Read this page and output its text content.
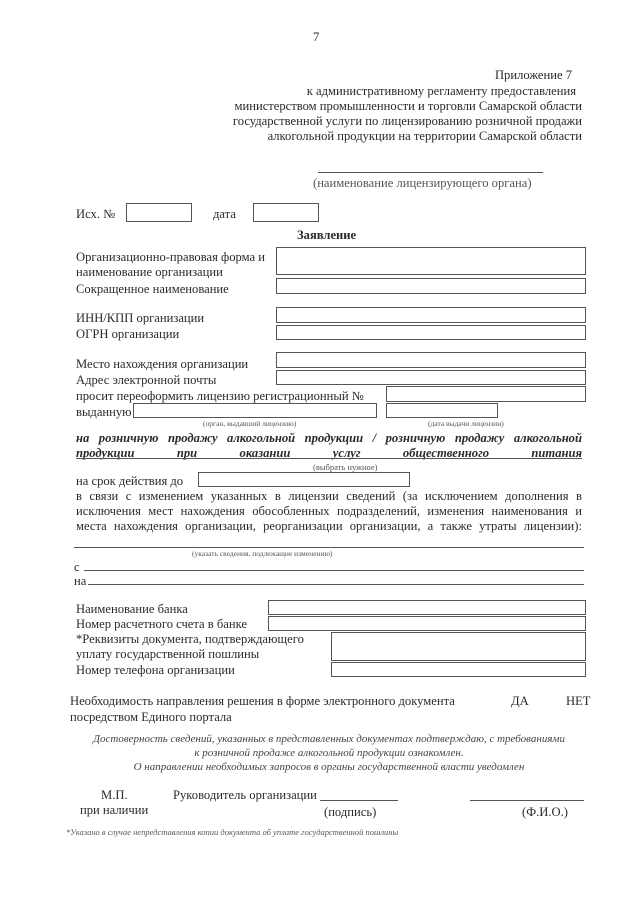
7
Приложение 7
к административному регламенту предоставления
министерством промышленности и торговли Самарской области
государственной услуги по лицензированию розничной продажи
алкогольной продукции на территории Самарской области
(наименование лицензирующего органа)
Исх. №	дата
Заявление
Организационно-правовая форма и
наименование организации
Сокращенное наименование
ИНН/КПП организации
ОГРН организации
Место нахождения организации
Адрес электронной почты
просит переоформить лицензию регистрационный №
выданную
(орган, выдавший лицензию)	(дата выдачи лицензии)
на розничную продажу алкогольной продукции / розничную продажу алкогольной продукции при оказании услуг общественного питания
(выбрать нужное)
на срок действия до
в связи с изменением указанных в лицензии сведений (за исключением дополнения в исключения мест нахождения обособленных подразделений, изменения наименования и места нахождения организации, реорганизации организации, а также утраты лицензии):
(указать сведения, подлежащие изменению)
с
на
Наименование банка
Номер расчетного счета в банке
*Реквизиты документа, подтверждающего
уплату государственной пошлины
Номер телефона организации
Необходимость направления решения в форме электронного документа
посредством Единого портала
ДА	НЕТ
Достоверность сведений, указанных в представленных документах подтверждаю, с требованиями к розничной продаже алкогольной продукции ознакомлен.
О направлении необходимых запросов в органы государственной власти уведомлен
М.П.
при наличии
Руководитель организации
(подпись)	(Ф.И.О.)
*Указано в случае непредставления копии документа об уплате государственной пошлины
